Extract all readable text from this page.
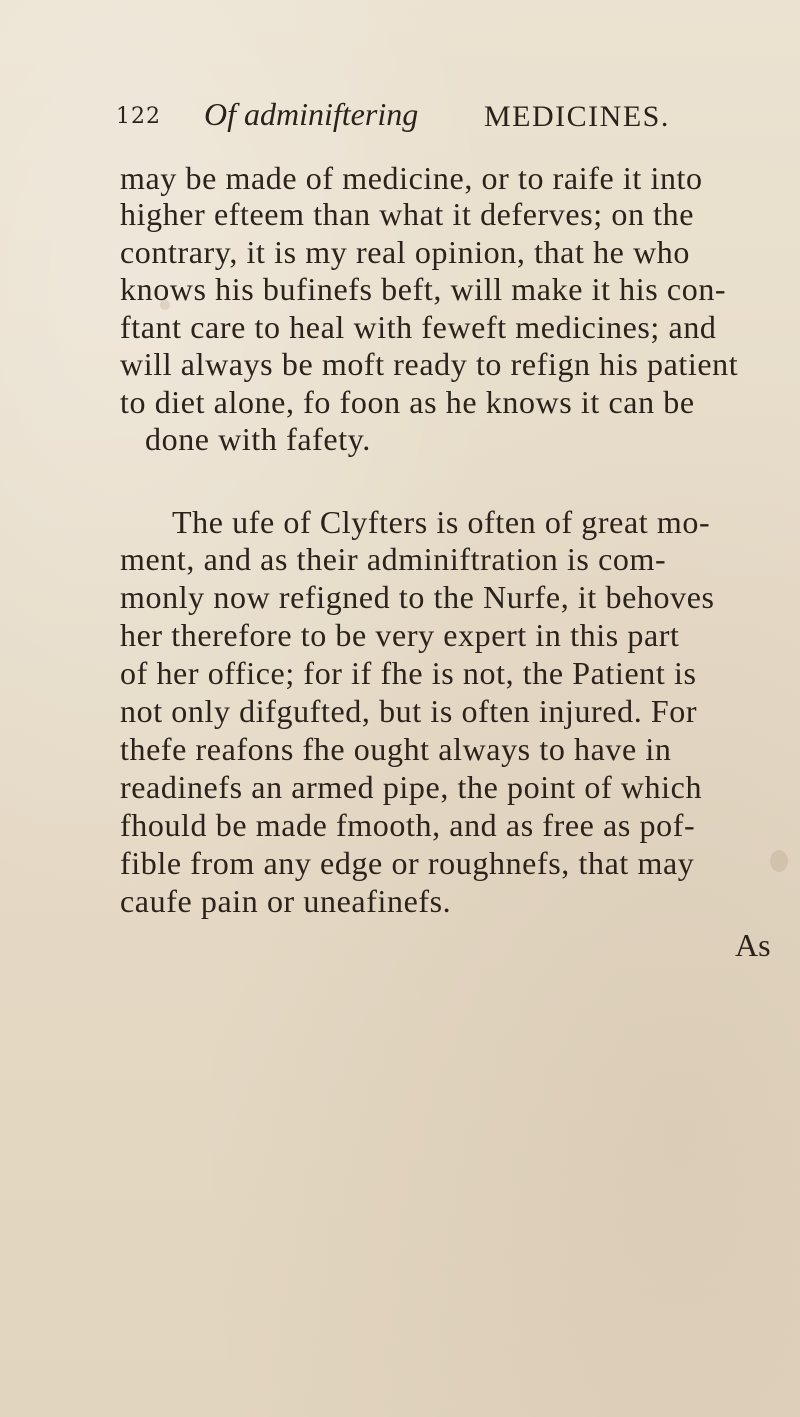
122 Of adminiftering MEDICINES.
may be made of medicine, or to raife it into
higher efteem than what it deferves; on the
contrary, it is my real opinion, that he who
knows his bufinefs beft, will make it his con-
ftant care to heal with feweft medicines; and
will always be moft ready to refign his patient
to diet alone, fo foon as he knows it can be
done with fafety.
The ufe of Clyfters is often of great mo-
ment, and as their adminiftration is com-
monly now refigned to the Nurfe, it behoves
her therefore to be very expert in this part
of her office; for if fhe is not, the Patient is
not only difgufted, but is often injured. For
thefe reafons fhe ought always to have in
readinefs an armed pipe, the point of which
fhould be made fmooth, and as free as pof-
fible from any edge or roughnefs, that may
caufe pain or uneafinefs.
As
